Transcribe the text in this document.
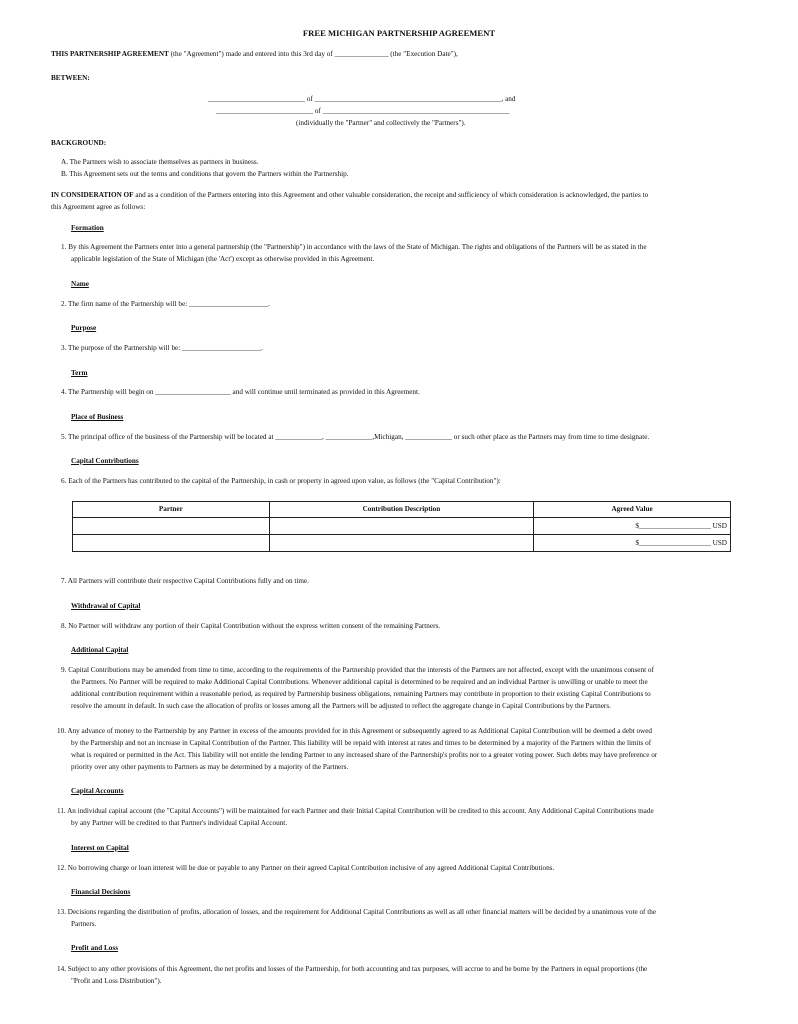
FREE MICHIGAN PARTNERSHIP AGREEMENT
THIS PARTNERSHIP AGREEMENT (the "Agreement") made and entered into this 3rd day of _______________ (the "Execution Date"),
BETWEEN:
___________________________ of ____________________________________________________, and
___________________________ of ____________________________________________________
(individually the "Partner" and collectively the "Partners").
BACKGROUND:
A. The Partners wish to associate themselves as partners in business.
B. This Agreement sets out the terms and conditions that govern the Partners within the Partnership.
IN CONSIDERATION OF and as a condition of the Partners entering into this Agreement and other valuable consideration, the receipt and sufficiency of which consideration is acknowledged, the parties to
this Agreement agree as follows:
Formation
1. By this Agreement the Partners enter into a general partnership (the "Partnership") in accordance with the laws of the State of Michigan. The rights and obligations of the Partners will be as stated in the
applicable legislation of the State of Michigan (the 'Act') except as otherwise provided in this Agreement.
Name
2. The firm name of the Partnership will be: ______________________.
Purpose
3. The purpose of the Partnership will be: ______________________.
Term
4. The Partnership will begin on _____________________ and will continue until terminated as provided in this Agreement.
Place of Business
5. The principal office of the business of the Partnership will be located at _____________, _____________,Michigan, _____________ or such other place as the Partners may from time to time designate.
Capital Contributions
6. Each of the Partners has contributed to the capital of the Partnership, in cash or property in agreed upon value, as follows (the "Capital Contribution"):
Partner	Contribution Description	Agreed Value
		$____________________ USD
		$____________________ USD
7. All Partners will contribute their respective Capital Contributions fully and on time.
Withdrawal of Capital
8. No Partner will withdraw any portion of their Capital Contribution without the express written consent of the remaining Partners.
Additional Capital
9. Capital Contributions may be amended from time to time, according to the requirements of the Partnership provided that the interests of the Partners are not affected, except with the unanimous consent of
the Partners. No Partner will be required to make Additional Capital Contributions. Whenever additional capital is determined to be required and an individual Partner is unwilling or unable to meet the
additional contribution requirement within a reasonable period, as required by Partnership business obligations, remaining Partners may contribute in proportion to their existing Capital Contributions to
resolve the amount in default. In such case the allocation of profits or losses among all the Partners will be adjusted to reflect the aggregate change in Capital Contributions by the Partners.
10. Any advance of money to the Partnership by any Partner in excess of the amounts provided for in this Agreement or subsequently agreed to as Additional Capital Contribution will be deemed a debt owed
by the Partnership and not an increase in Capital Contribution of the Partner. This liability will be repaid with interest at rates and times to be determined by a majority of the Partners within the limits of
what is required or permitted in the Act. This liability will not entitle the lending Partner to any increased share of the Partnership's profits nor to a greater voting power. Such debts may have preference or
priority over any other payments to Partners as may be determined by a majority of the Partners.
Capital Accounts
11. An individual capital account (the "Capital Accounts") will be maintained for each Partner and their Initial Capital Contribution will be credited to this account. Any Additional Capital Contributions made
by any Partner will be credited to that Partner's individual Capital Account.
Interest on Capital
12. No borrowing charge or loan interest will be due or payable to any Partner on their agreed Capital Contribution inclusive of any agreed Additional Capital Contributions.
Financial Decisions
13. Decisions regarding the distribution of profits, allocation of losses, and the requirement for Additional Capital Contributions as well as all other financial matters will be decided by a unanimous vote of the
Partners.
Profit and Loss
14. Subject to any other provisions of this Agreement, the net profits and losses of the Partnership, for both accounting and tax purposes, will accrue to and be borne by the Partners in equal proportions (the
"Profit and Loss Distribution").
